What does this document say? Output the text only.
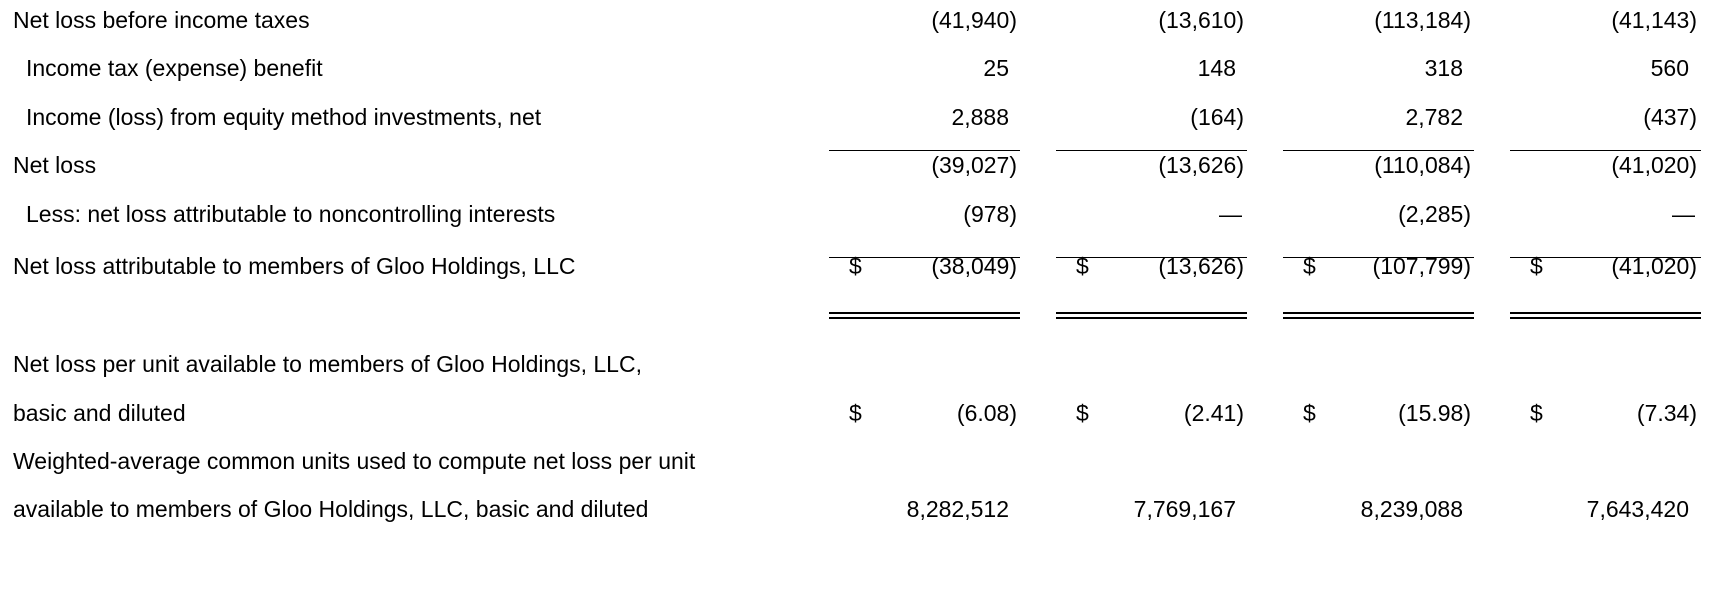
Net loss before income taxes	(41,940)	(13,610)	(113,184)	(41,143)
Income tax (expense) benefit	25	148	318	560
Income (loss) from equity method investments, net	2,888	(164)	2,782	(437)
Net loss	(39,027)	(13,626)	(110,084)	(41,020)
Less: net loss attributable to noncontrolling interests	(978)	—	(2,285)	—
Net loss attributable to members of Gloo Holdings, LLC	$	(38,049)	$	(13,626)	$ (107,799)	$	(41,020)
Net loss per unit available to members of Gloo Holdings, LLC,
basic and diluted	$	(6.08)	$	(2.41)	$	(15.98)	$	(7.34)
Weighted-average common units used to compute net loss per unit
available to members of Gloo Holdings, LLC, basic and diluted	8,282,512	7,769,167	8,239,088	7,643,420
